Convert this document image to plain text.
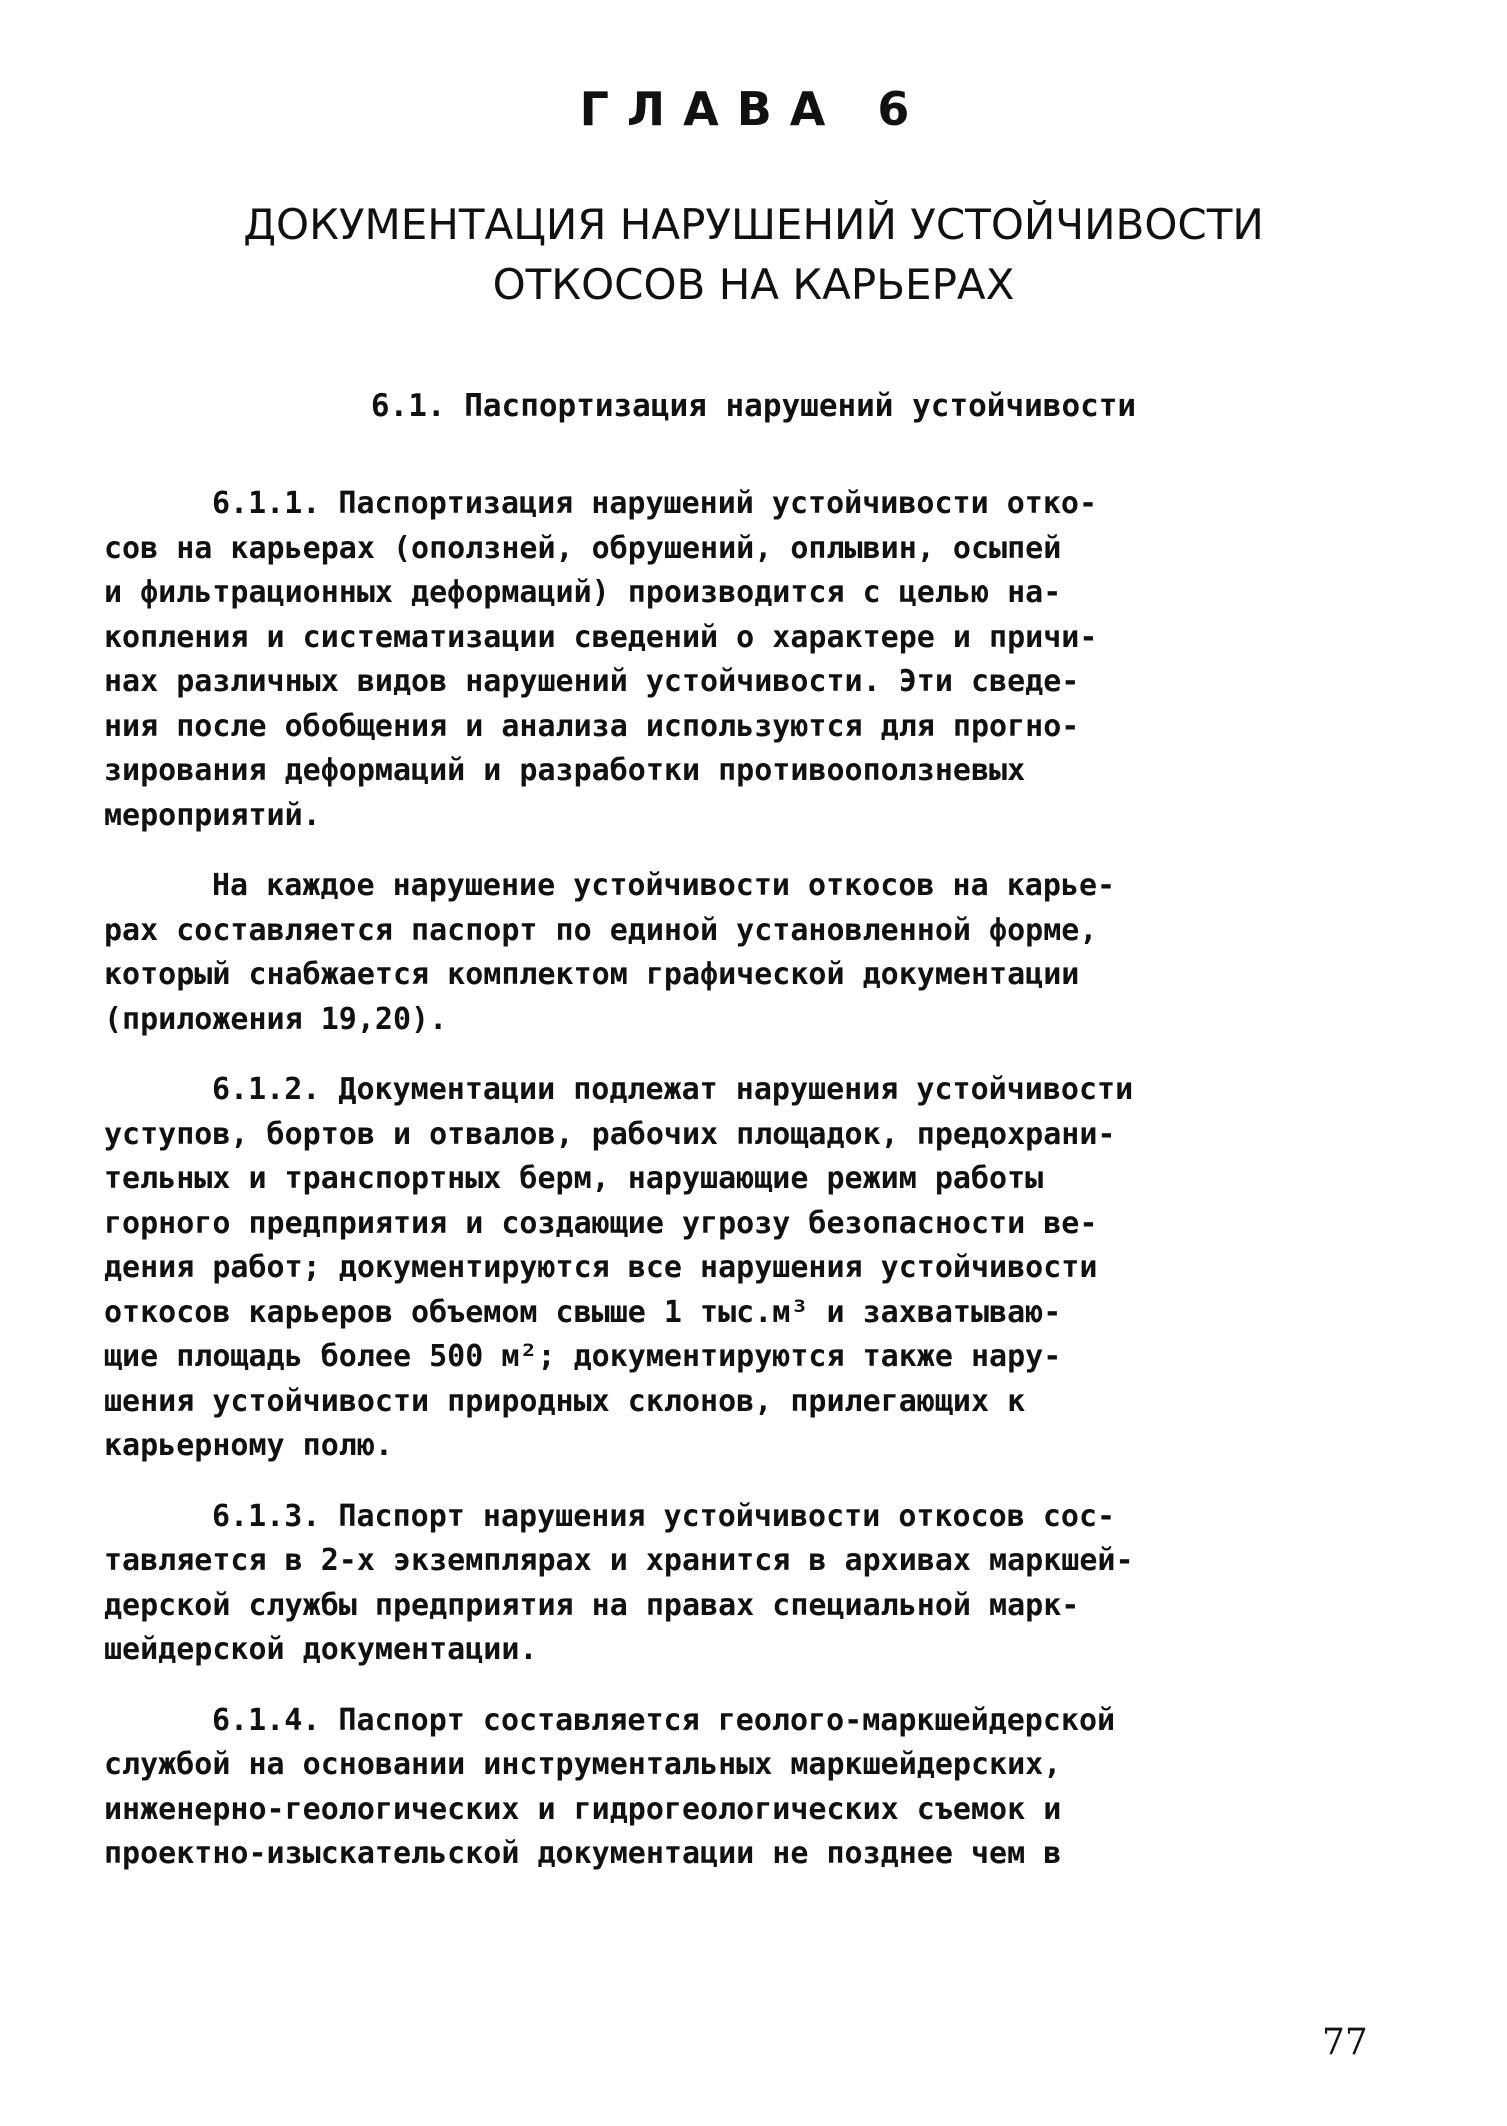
ГЛАВА 6
ДОКУМЕНТАЦИЯ НАРУШЕНИЙ УСТОЙЧИВОСТИ
ОТКОСОВ НА КАРЬЕРАХ
6.1. Паспортизация нарушений устойчивости
6.1.1. Паспортизация нарушений устойчивости отко-
сов на карьерах (оползней, обрушений, оплывин, осыпей
и фильтрационных деформаций) производится с целью на-
копления и систематизации сведений о характере и причи-
нах различных видов нарушений устойчивости. Эти сведе-
ния после обобщения и анализа используются для прогно-
зирования деформаций и разработки противооползневых
мероприятий.
На каждое нарушение устойчивости откосов на карье-
рах составляется паспорт по единой установленной форме,
который снабжается комплектом графической документации
(приложения 19,20).
6.1.2. Документации подлежат нарушения устойчивости
уступов, бортов и отвалов, рабочих площадок, предохрани-
тельных и транспортных берм, нарушающие режим работы
горного предприятия и создающие угрозу безопасности ве-
дения работ; документируются все нарушения устойчивости
откосов карьеров объемом свыше 1 тыс.м³ и захватываю-
щие площадь более 500 м²; документируются также нару-
шения устойчивости природных склонов, прилегающих к
карьерному полю.
6.1.3. Паспорт нарушения устойчивости откосов сос-
тавляется в 2-х экземплярах и хранится в архивах маркшей-
дерской службы предприятия на правах специальной марк-
шейдерской документации.
6.1.4. Паспорт составляется геолого-маркшейдерской
службой на основании инструментальных маркшейдерских,
инженерно-геологических и гидрогеологических съемок и
проектно-изыскательской документации не позднее чем в
77
